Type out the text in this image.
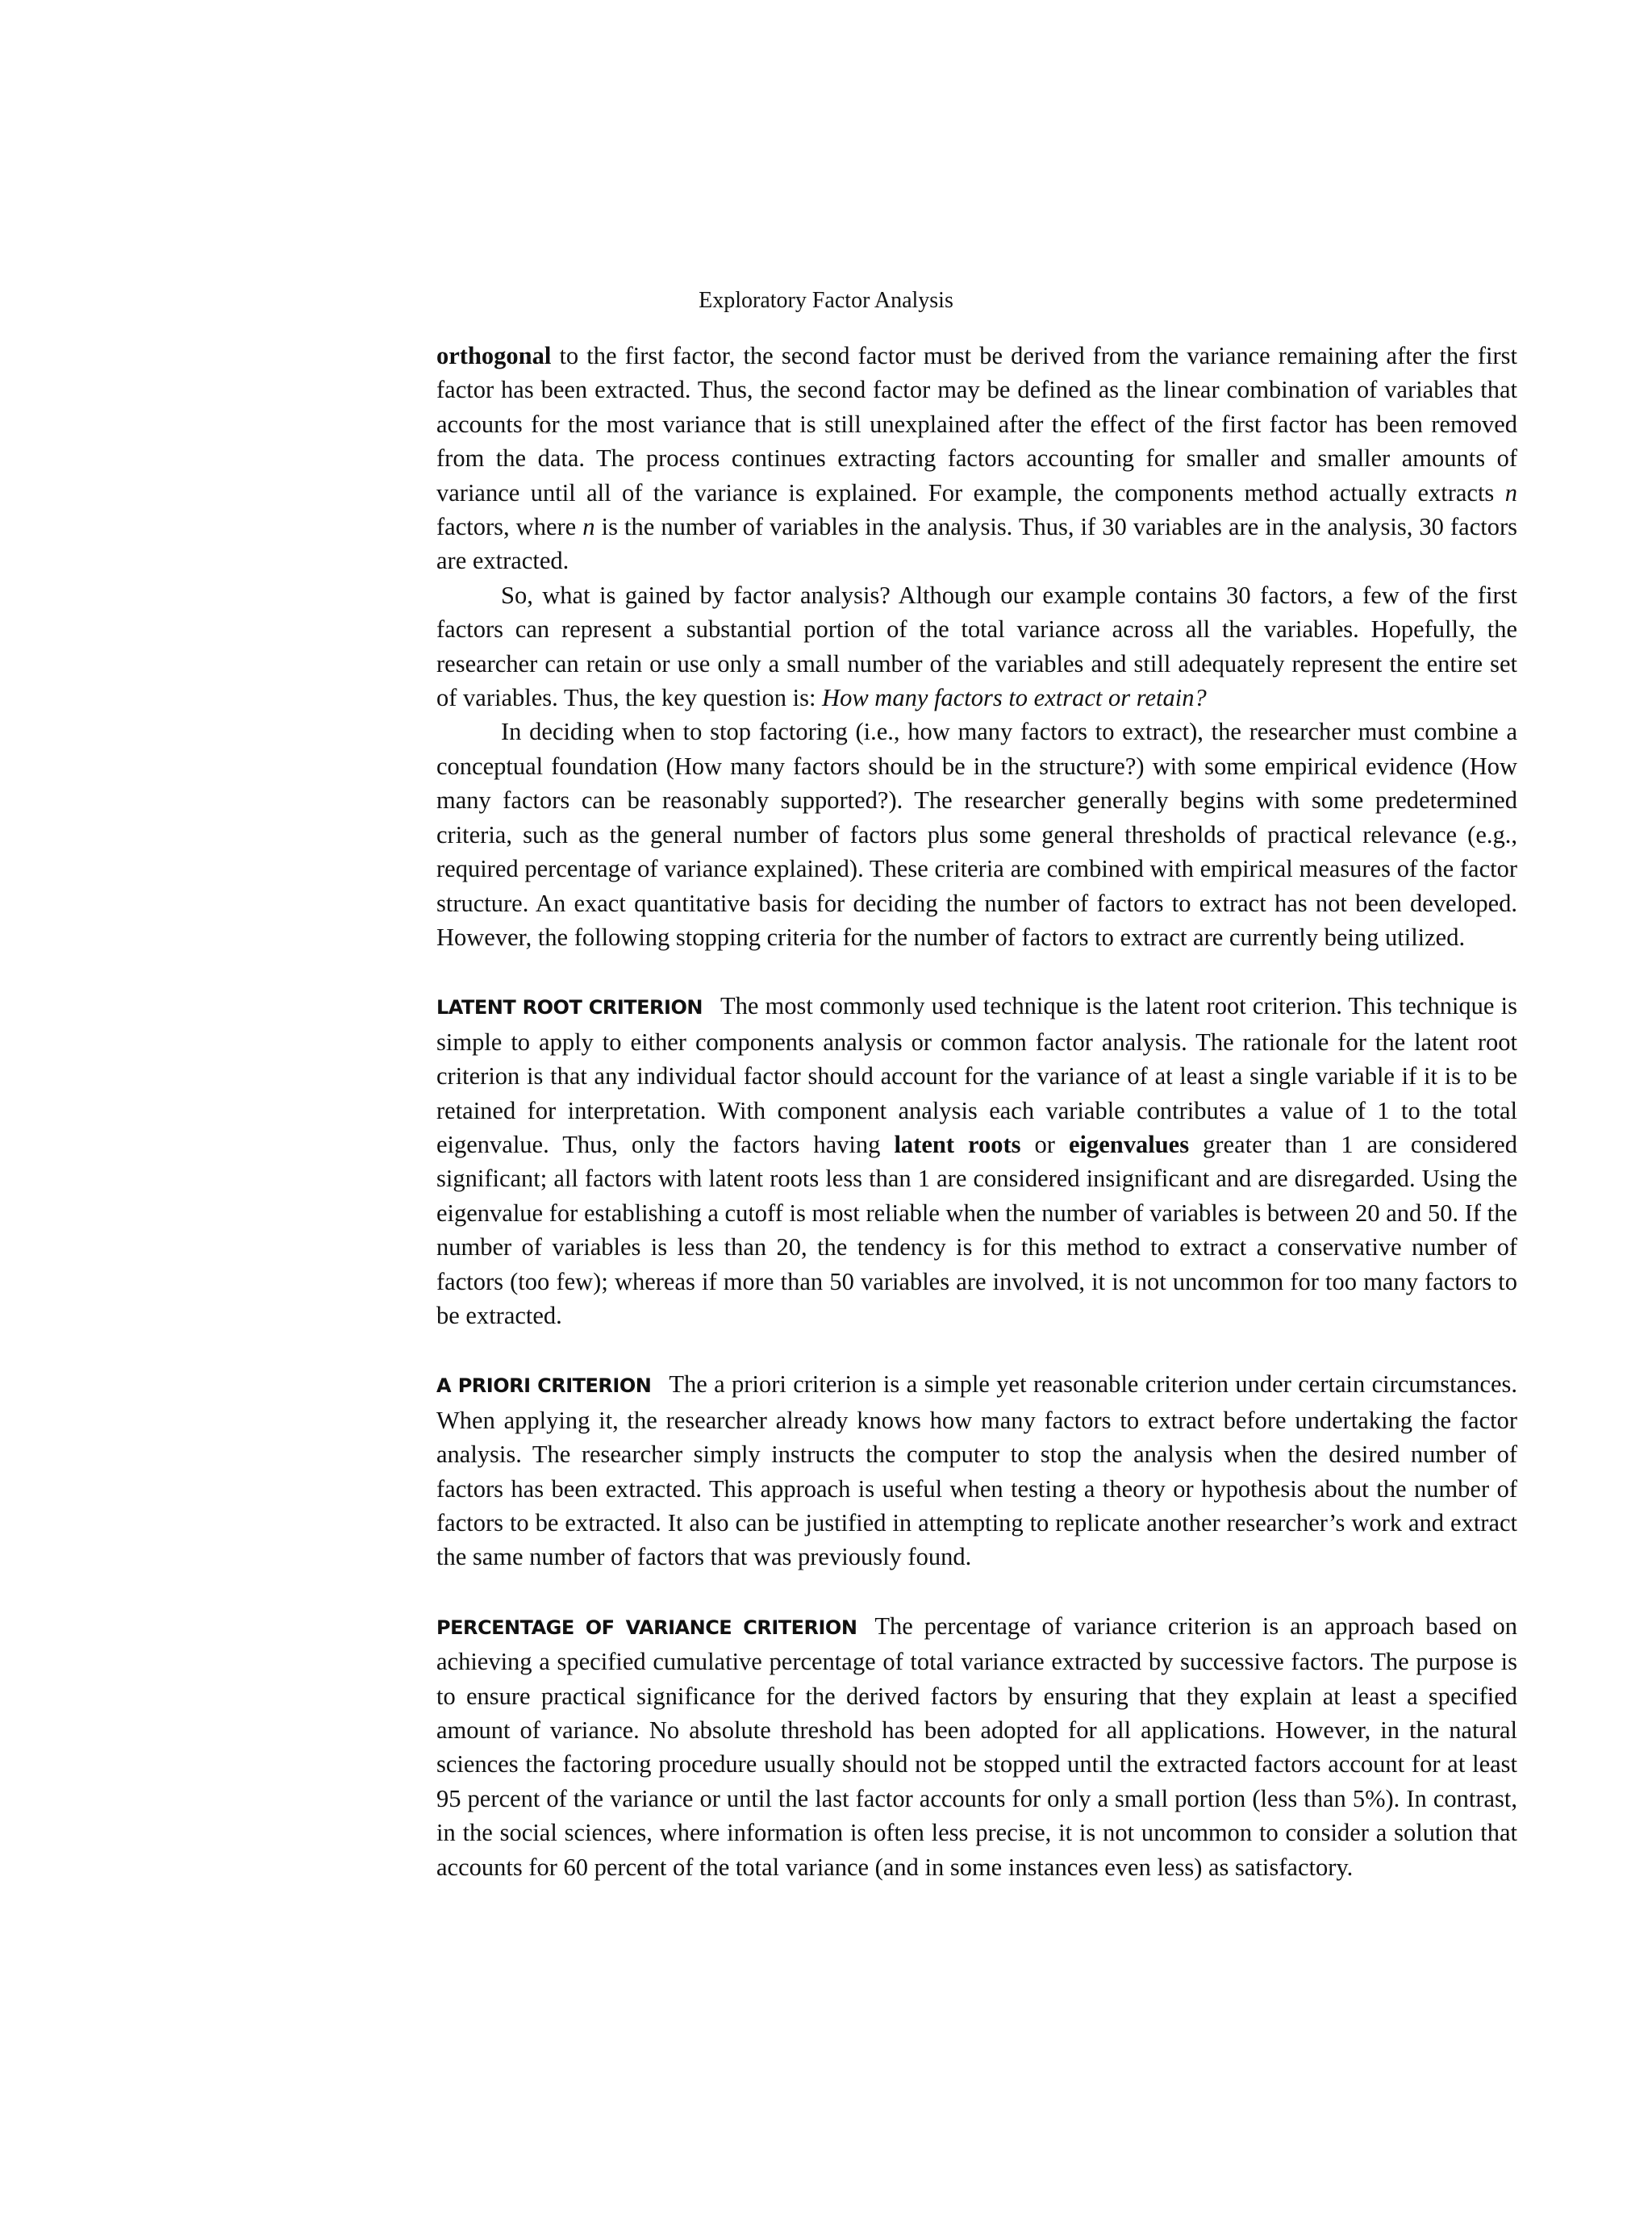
Exploratory Factor Analysis

orthogonal to the first factor, the second factor must be derived from the variance remaining after the first factor has been extracted. Thus, the second factor may be defined as the linear combination of variables that accounts for the most variance that is still unexplained after the effect of the first factor has been removed from the data. The process continues extracting factors accounting for smaller and smaller amounts of variance until all of the variance is explained. For example, the components method actually extracts n factors, where n is the number of variables in the analysis. Thus, if 30 variables are in the analysis, 30 factors are extracted.

So, what is gained by factor analysis? Although our example contains 30 factors, a few of the first factors can represent a substantial portion of the total variance across all the variables. Hopefully, the researcher can retain or use only a small number of the variables and still adequately represent the entire set of variables. Thus, the key question is: How many factors to extract or retain?

In deciding when to stop factoring (i.e., how many factors to extract), the researcher must combine a conceptual foundation (How many factors should be in the structure?) with some empirical evidence (How many factors can be reasonably supported?). The researcher generally begins with some predetermined criteria, such as the general number of factors plus some general thresholds of practical relevance (e.g., required percentage of variance explained). These criteria are combined with empirical measures of the factor structure. An exact quantitative basis for deciding the number of factors to extract has not been developed. However, the following stopping criteria for the number of factors to extract are currently being utilized.

LATENT ROOT CRITERION The most commonly used technique is the latent root criterion. This technique is simple to apply to either components analysis or common factor analysis. The rationale for the latent root criterion is that any individual factor should account for the variance of at least a single variable if it is to be retained for interpretation. With component analysis each variable contributes a value of 1 to the total eigenvalue. Thus, only the factors having latent roots or eigenvalues greater than 1 are considered significant; all factors with latent roots less than 1 are considered insignificant and are disregarded. Using the eigenvalue for establishing a cutoff is most reliable when the number of variables is between 20 and 50. If the number of variables is less than 20, the tendency is for this method to extract a conservative number of factors (too few); whereas if more than 50 variables are involved, it is not uncommon for too many factors to be extracted.

A PRIORI CRITERION The a priori criterion is a simple yet reasonable criterion under certain circumstances. When applying it, the researcher already knows how many factors to extract before undertaking the factor analysis. The researcher simply instructs the computer to stop the analysis when the desired number of factors has been extracted. This approach is useful when testing a theory or hypothesis about the number of factors to be extracted. It also can be justified in attempting to replicate another researcher’s work and extract the same number of factors that was previously found.

PERCENTAGE OF VARIANCE CRITERION The percentage of variance criterion is an approach based on achieving a specified cumulative percentage of total variance extracted by successive factors. The purpose is to ensure practical significance for the derived factors by ensuring that they explain at least a specified amount of variance. No absolute threshold has been adopted for all applications. However, in the natural sciences the factoring procedure usually should not be stopped until the extracted factors account for at least 95 percent of the variance or until the last factor accounts for only a small portion (less than 5%). In contrast, in the social sciences, where information is often less precise, it is not uncommon to consider a solution that accounts for 60 percent of the total variance (and in some instances even less) as satisfactory.
